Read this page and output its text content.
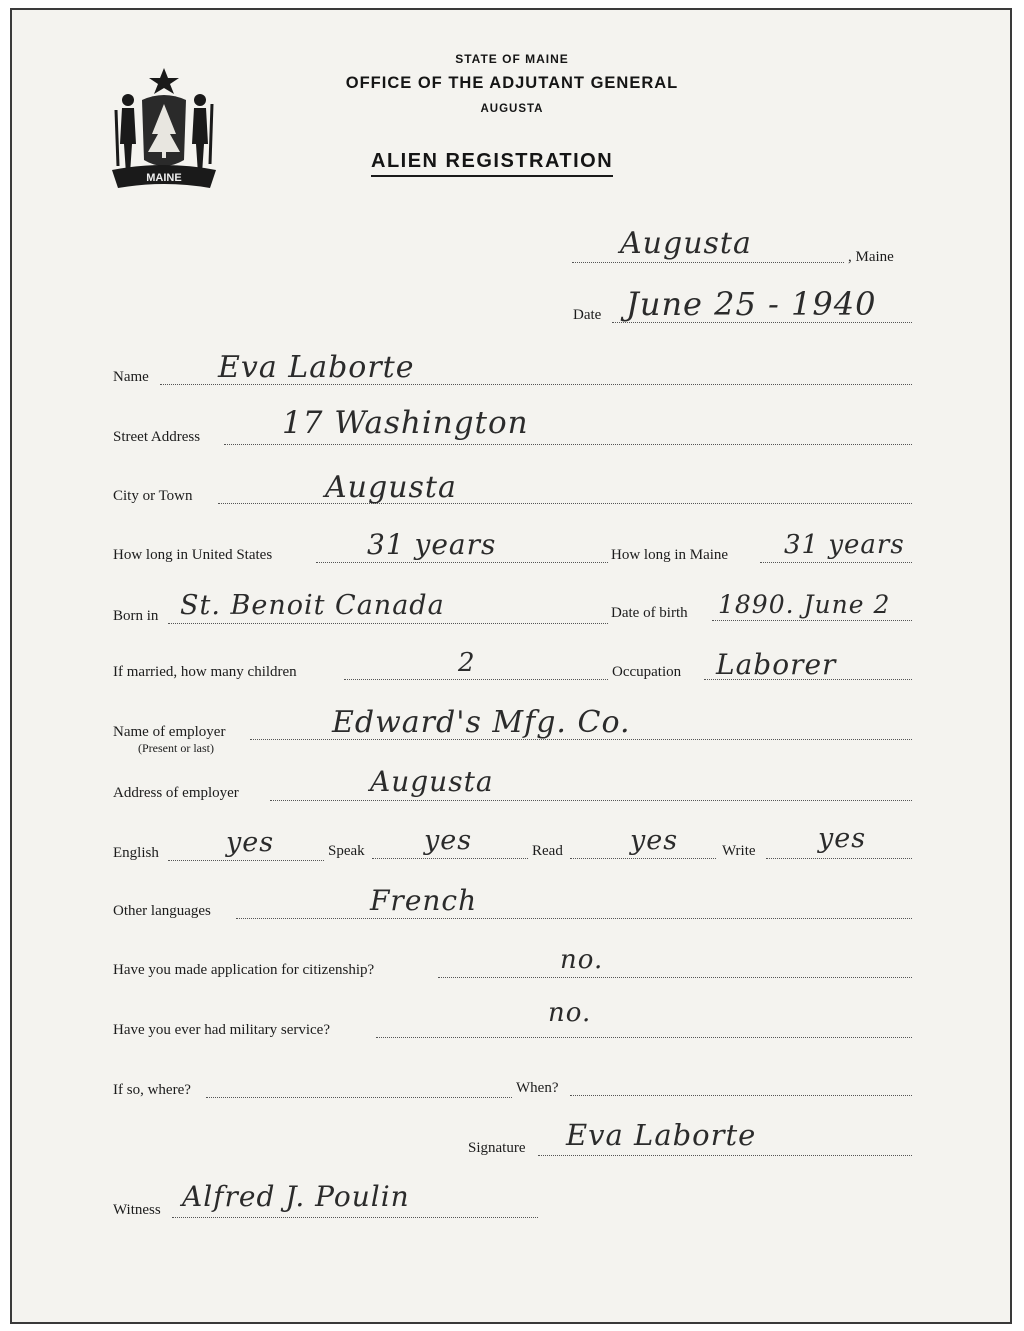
MAINE
STATE OF MAINE
OFFICE OF THE ADJUTANT GENERAL
AUGUSTA
ALIEN REGISTRATION
Augusta	, Maine
Date June 25 - 1940
Name Eva Laborte
Street Address	17 Washington
City or Town	Augusta
How long in United States	31 years	How long in Maine 31 years
Born in St. Benoit Canada	Date of birth 1890. June 2
If married, how many children	2	Occupation Laborer
Name of employer
(Present or last)
Edward's Mfg. Co.
Address of employer	Augusta
English yes	Speak yes	Read yes	Write yes
Other languages	French
Have you made application for citizenship?	no.
Have you ever had military service?
no.
If so, where?	When?
Signature Eva Laborte
Witness Alfred J. Poulin
